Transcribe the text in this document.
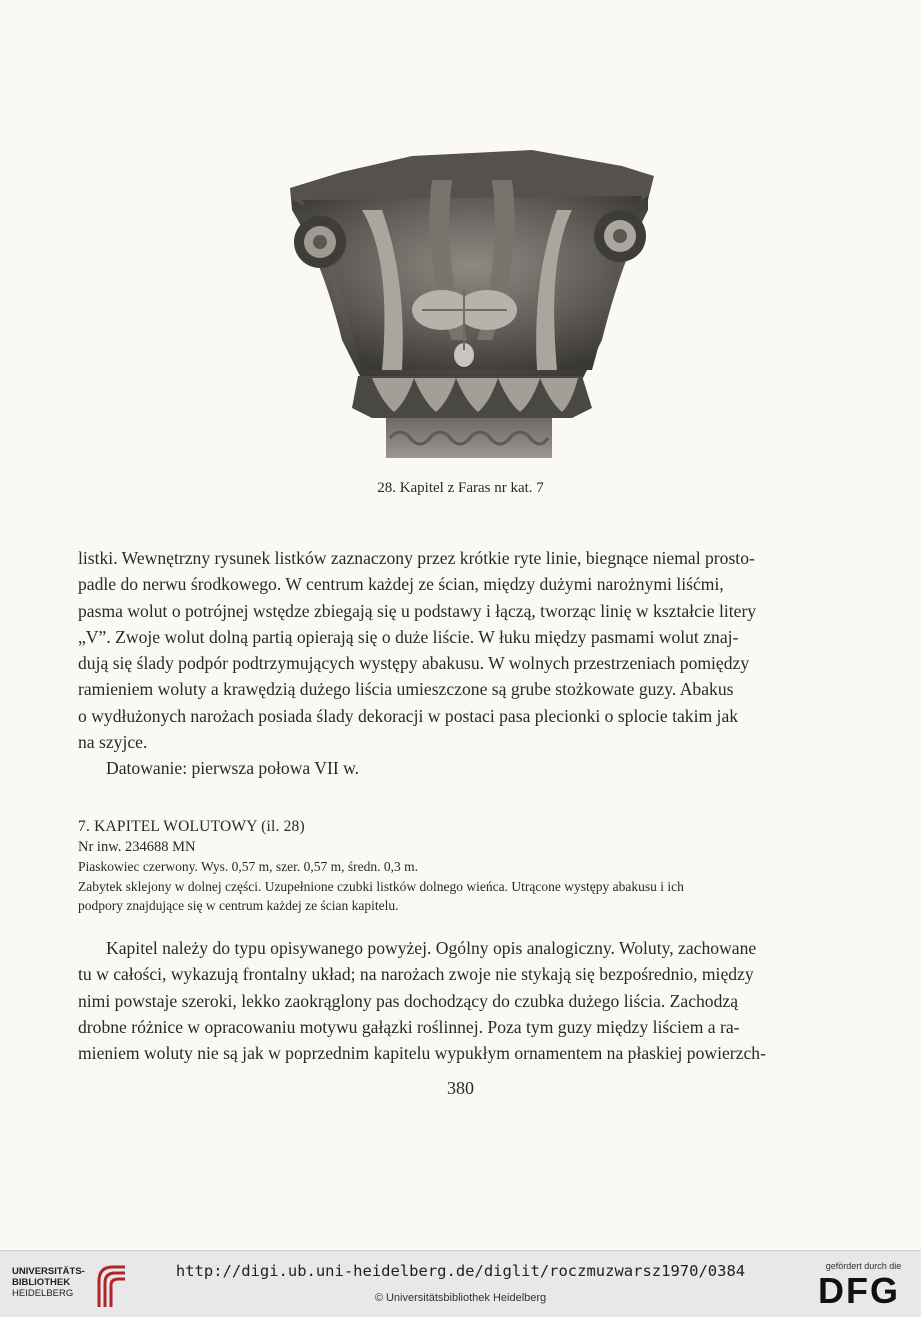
28. Kapitel z Faras nr kat. 7
listki. Wewnętrzny rysunek listków zaznaczony przez krótkie ryte linie, biegnące niemal prosto-
padle do nerwu środkowego. W centrum każdej ze ścian, między dużymi narożnymi liśćmi,
pasma wolut o potrójnej wstędze zbiegają się u podstawy i łączą, tworząc linię w kształcie litery
„V”. Zwoje wolut dolną partią opierają się o duże liście. W łuku między pasmami wolut znaj-
dują się ślady podpór podtrzymujących występy abakusu. W wolnych przestrzeniach pomiędzy
ramieniem woluty a krawędzią dużego liścia umieszczone są grube stożkowate guzy. Abakus
o wydłużonych narożach posiada ślady dekoracji w postaci pasa plecionki o splocie takim jak
na szyjce.
Datowanie: pierwsza połowa VII w.
7. KAPITEL WOLUTOWY (il. 28)
Nr inw. 234688 MN
Piaskowiec czerwony. Wys. 0,57 m, szer. 0,57 m, średn. 0,3 m.
Zabytek sklejony w dolnej części. Uzupełnione czubki listków dolnego wieńca. Utrącone występy abakusu i ich
podpory znajdujące się w centrum każdej ze ścian kapitelu.
Kapitel należy do typu opisywanego powyżej. Ogólny opis analogiczny. Woluty, zachowane
tu w całości, wykazują frontalny układ; na narożach zwoje nie stykają się bezpośrednio, między
nimi powstaje szeroki, lekko zaokrąglony pas dochodzący do czubka dużego liścia. Zachodzą
drobne różnice w opracowaniu motywu gałązki roślinnej. Poza tym guzy między liściem a ra-
mieniem woluty nie są jak w poprzednim kapitelu wypukłym ornamentem na płaskiej powierzch-
380
UNIVERSITÄTS-
BIBLIOTHEK
HEIDELBERG
http://digi.ub.uni-heidelberg.de/diglit/roczmuzwarsz1970/0384
© Universitätsbibliothek Heidelberg
gefördert durch die
DFG
